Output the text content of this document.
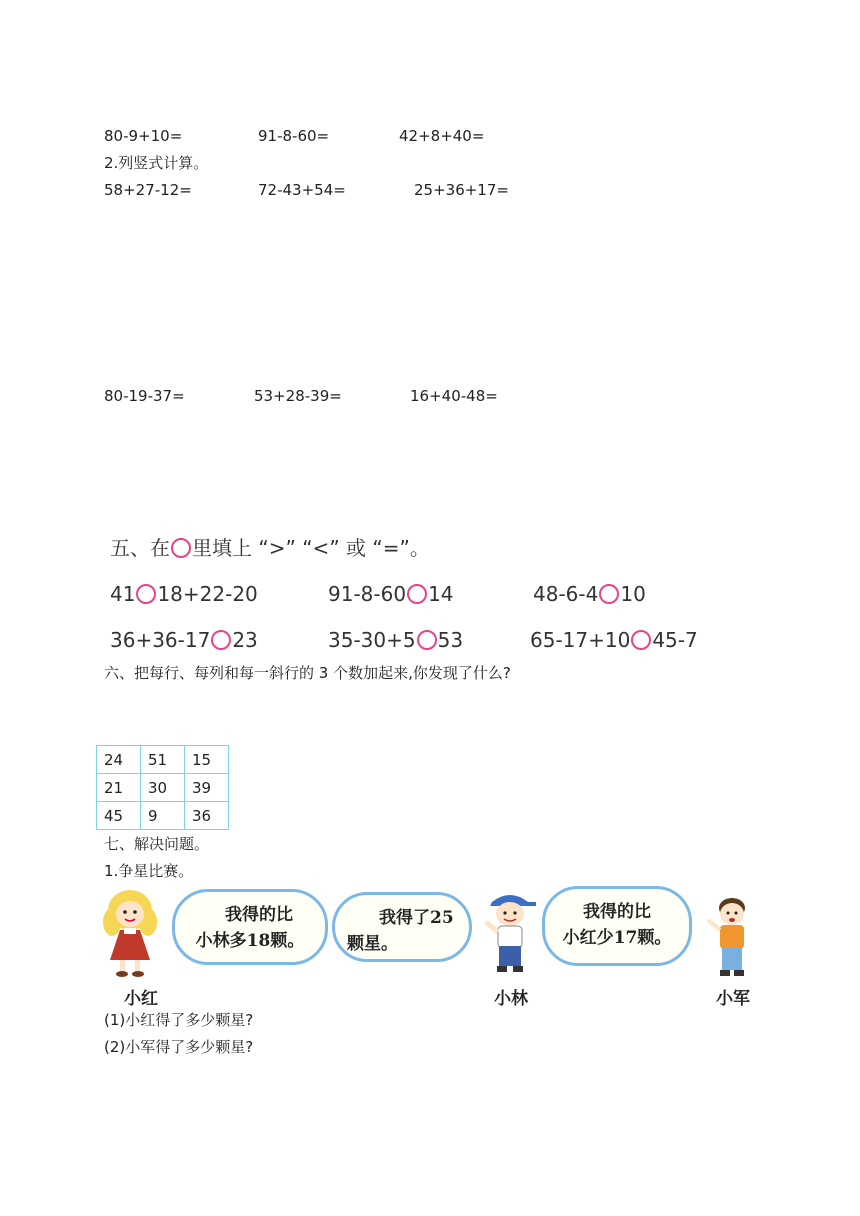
80-9+10=	91-8-60=	42+8+40=
2.列竖式计算。
58+27-12=	72-43+54=	25+36+17=
80-19-37=	53+28-39=	16+40-48=
五、在 里填上 “>” “<” 或 “=”。
41 18+22-20	91-8-60 14	48-6-4 10
36+36-17 23	35-30+5 53	65-17+10 45-7
六、把每行、每列和每一斜行的 3 个数加起来,你发现了什么?
24	51	15
21	30	39
45	9	36
七、解决问题。
1.争星比赛。
我得的比
小林多18颗。
我得了25
颗星。
我得的比
小红少17颗。
小红	小林	小军
(1)小红得了多少颗星?
(2)小军得了多少颗星?
